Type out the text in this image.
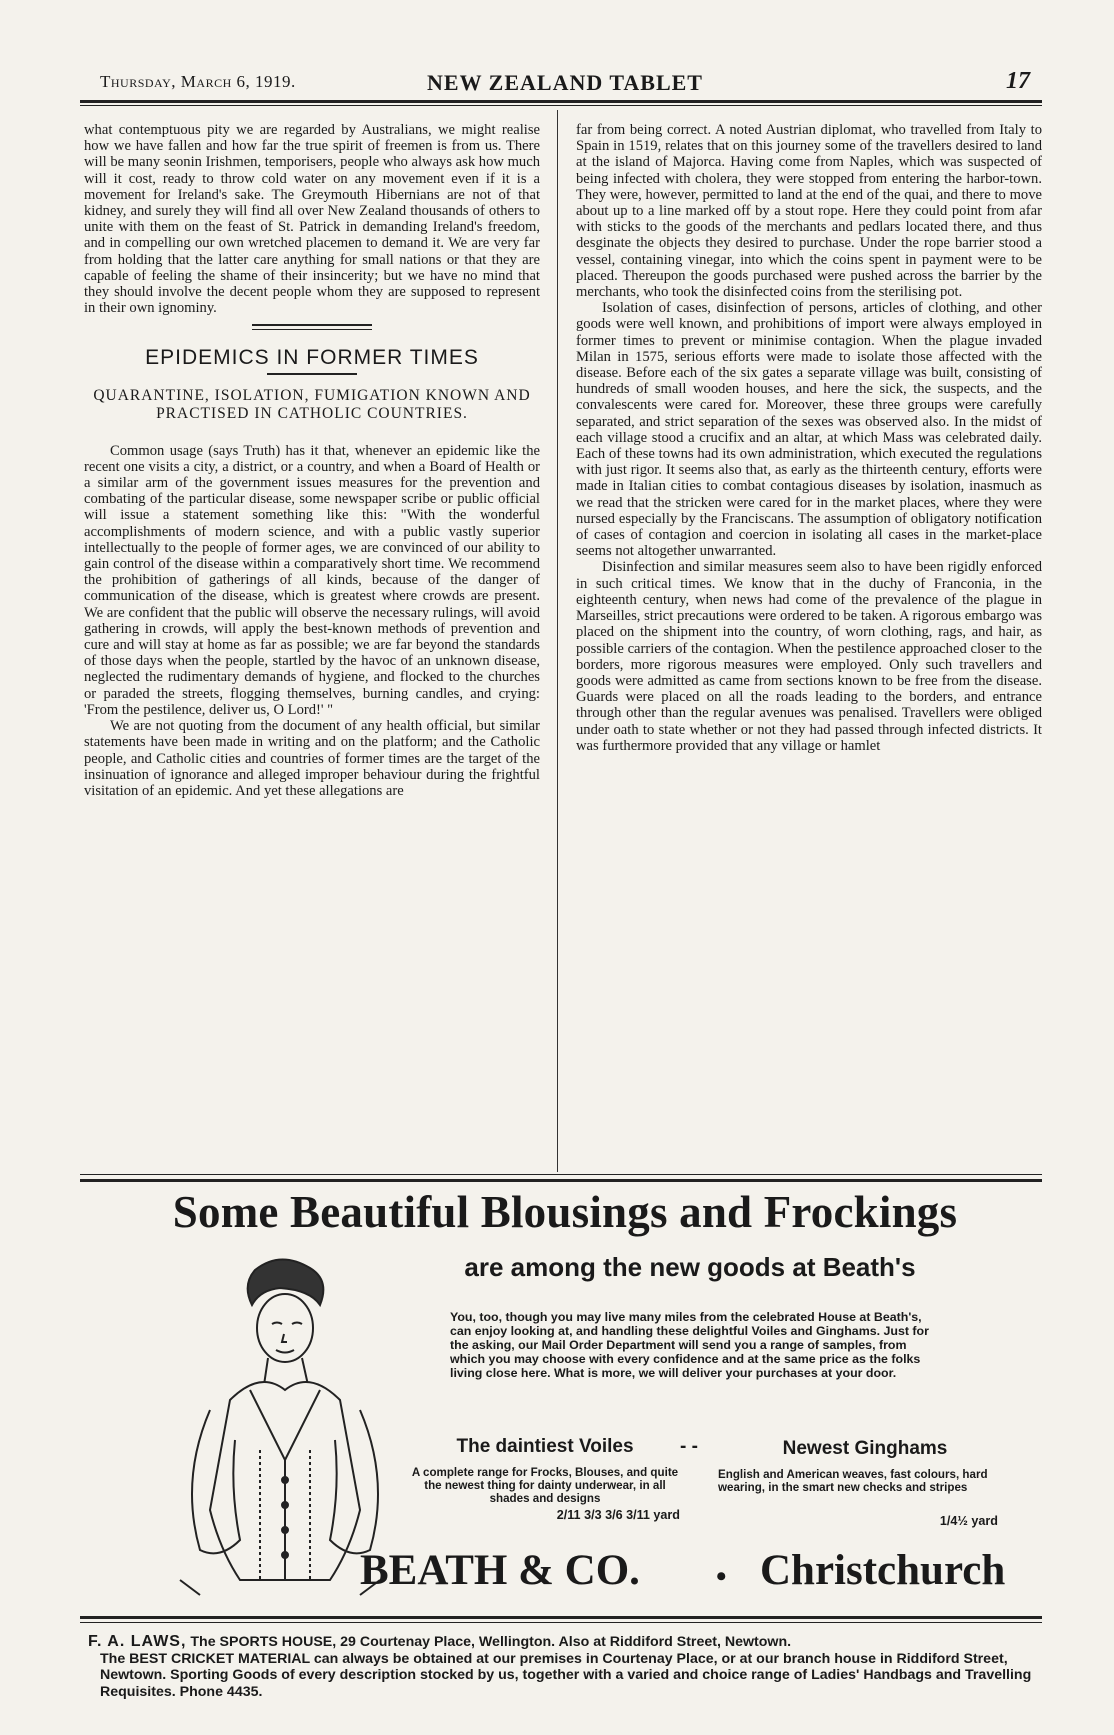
Thursday, March 6, 1919.	NEW ZEALAND TABLET	17

what contemptuous pity we are regarded by Australians, we might realise how we have fallen and how far the true spirit of freemen is from us. There will be many seonin Irishmen, temporisers, people who always ask how much will it cost, ready to throw cold water on any movement even if it is a movement for Ireland's sake. The Greymouth Hibernians are not of that kidney, and surely they will find all over New Zealand thousands of others to unite with them on the feast of St. Patrick in demanding Ireland's freedom, and in compelling our own wretched placemen to demand it. We are very far from holding that the latter care anything for small nations or that they are capable of feeling the shame of their insincerity; but we have no mind that they should involve the decent people whom they are supposed to represent in their own ignominy.

EPIDEMICS IN FORMER TIMES
QUARANTINE, ISOLATION, FUMIGATION KNOWN AND PRACTISED IN CATHOLIC COUNTRIES.

Common usage (says Truth) has it that, whenever an epidemic like the recent one visits a city, a district, or a country, and when a Board of Health or a similar arm of the government issues measures for the prevention and combating of the particular disease, some newspaper scribe or public official will issue a statement something like this: "With the wonderful accomplishments of modern science, and with a public vastly superior intellectually to the people of former ages, we are convinced of our ability to gain control of the disease within a comparatively short time. We recommend the prohibition of gatherings of all kinds, because of the danger of communication of the disease, which is greatest where crowds are present. We are confident that the public will observe the necessary rulings, will avoid gathering in crowds, will apply the best-known methods of prevention and cure and will stay at home as far as possible; we are far beyond the standards of those days when the people, startled by the havoc of an unknown disease, neglected the rudimentary demands of hygiene, and flocked to the churches or paraded the streets, flogging themselves, burning candles, and crying: 'From the pestilence, deliver us, O Lord!' "

We are not quoting from the document of any health official, but similar statements have been made in writing and on the platform; and the Catholic people, and Catholic cities and countries of former times are the target of the insinuation of ignorance and alleged improper behaviour during the frightful visitation of an epidemic. And yet these allegations are

far from being correct. A noted Austrian diplomat, who travelled from Italy to Spain in 1519, relates that on this journey some of the travellers desired to land at the island of Majorca. Having come from Naples, which was suspected of being infected with cholera, they were stopped from entering the harbor-town. They were, however, permitted to land at the end of the quai, and there to move about up to a line marked off by a stout rope. Here they could point from afar with sticks to the goods of the merchants and pedlars located there, and thus desginate the objects they desired to purchase. Under the rope barrier stood a vessel, containing vinegar, into which the coins spent in payment were to be placed. Thereupon the goods purchased were pushed across the barrier by the merchants, who took the disinfected coins from the sterilising pot.

Isolation of cases, disinfection of persons, articles of clothing, and other goods were well known, and prohibitions of import were always employed in former times to prevent or minimise contagion. When the plague invaded Milan in 1575, serious efforts were made to isolate those affected with the disease. Before each of the six gates a separate village was built, consisting of hundreds of small wooden houses, and here the sick, the suspects, and the convalescents were cared for. Moreover, these three groups were carefully separated, and strict separation of the sexes was observed also. In the midst of each village stood a crucifix and an altar, at which Mass was celebrated daily. Each of these towns had its own administration, which executed the regulations with just rigor. It seems also that, as early as the thirteenth century, efforts were made in Italian cities to combat contagious diseases by isolation, inasmuch as we read that the stricken were cared for in the market places, where they were nursed especially by the Franciscans. The assumption of obligatory notification of cases of contagion and coercion in isolating all cases in the market-place seems not altogether unwarranted.

Disinfection and similar measures seem also to have been rigidly enforced in such critical times. We know that in the duchy of Franconia, in the eighteenth century, when news had come of the prevalence of the plague in Marseilles, strict precautions were ordered to be taken. A rigorous embargo was placed on the shipment into the country, of worn clothing, rags, and hair, as possible carriers of the contagion. When the pestilence approached closer to the borders, more rigorous measures were employed. Only such travellers and goods were admitted as came from sections known to be free from the disease. Guards were placed on all the roads leading to the borders, and entrance through other than the regular avenues was penalised. Travellers were obliged under oath to state whether or not they had passed through infected districts. It was furthermore provided that any village or hamlet

Some Beautiful Blousings and Frockings
are among the new goods at Beath's
You, too, though you may live many miles from the celebrated House at Beath's, can enjoy looking at, and handling these delightful Voiles and Ginghams. Just for the asking, our Mail Order Department will send you a range of samples, from which you may choose with every confidence and at the same price as the folks living close here. What is more, we will deliver your purchases at your door.
The daintiest Voiles	- -	Newest Ginghams
A complete range for Frocks, Blouses, and quite the newest thing for dainty underwear, in all shades and designs
2/11 3/3 3/6 3/11 yard
English and American weaves, fast colours, hard wearing, in the smart new checks and stripes
1/4½ yard
BEATH & CO.	• Christchurch
F. A. LAWS, The SPORTS HOUSE, 29 Courtenay Place, Wellington. Also at Riddiford Street, Newtown.
The BEST CRICKET MATERIAL can always be obtained at our premises in Courtenay Place, or at our branch house in Riddiford Street, Newtown. Sporting Goods of every description stocked by us, together with a varied and choice range of Ladies' Handbags and Travelling Requisites. Phone 4435.
